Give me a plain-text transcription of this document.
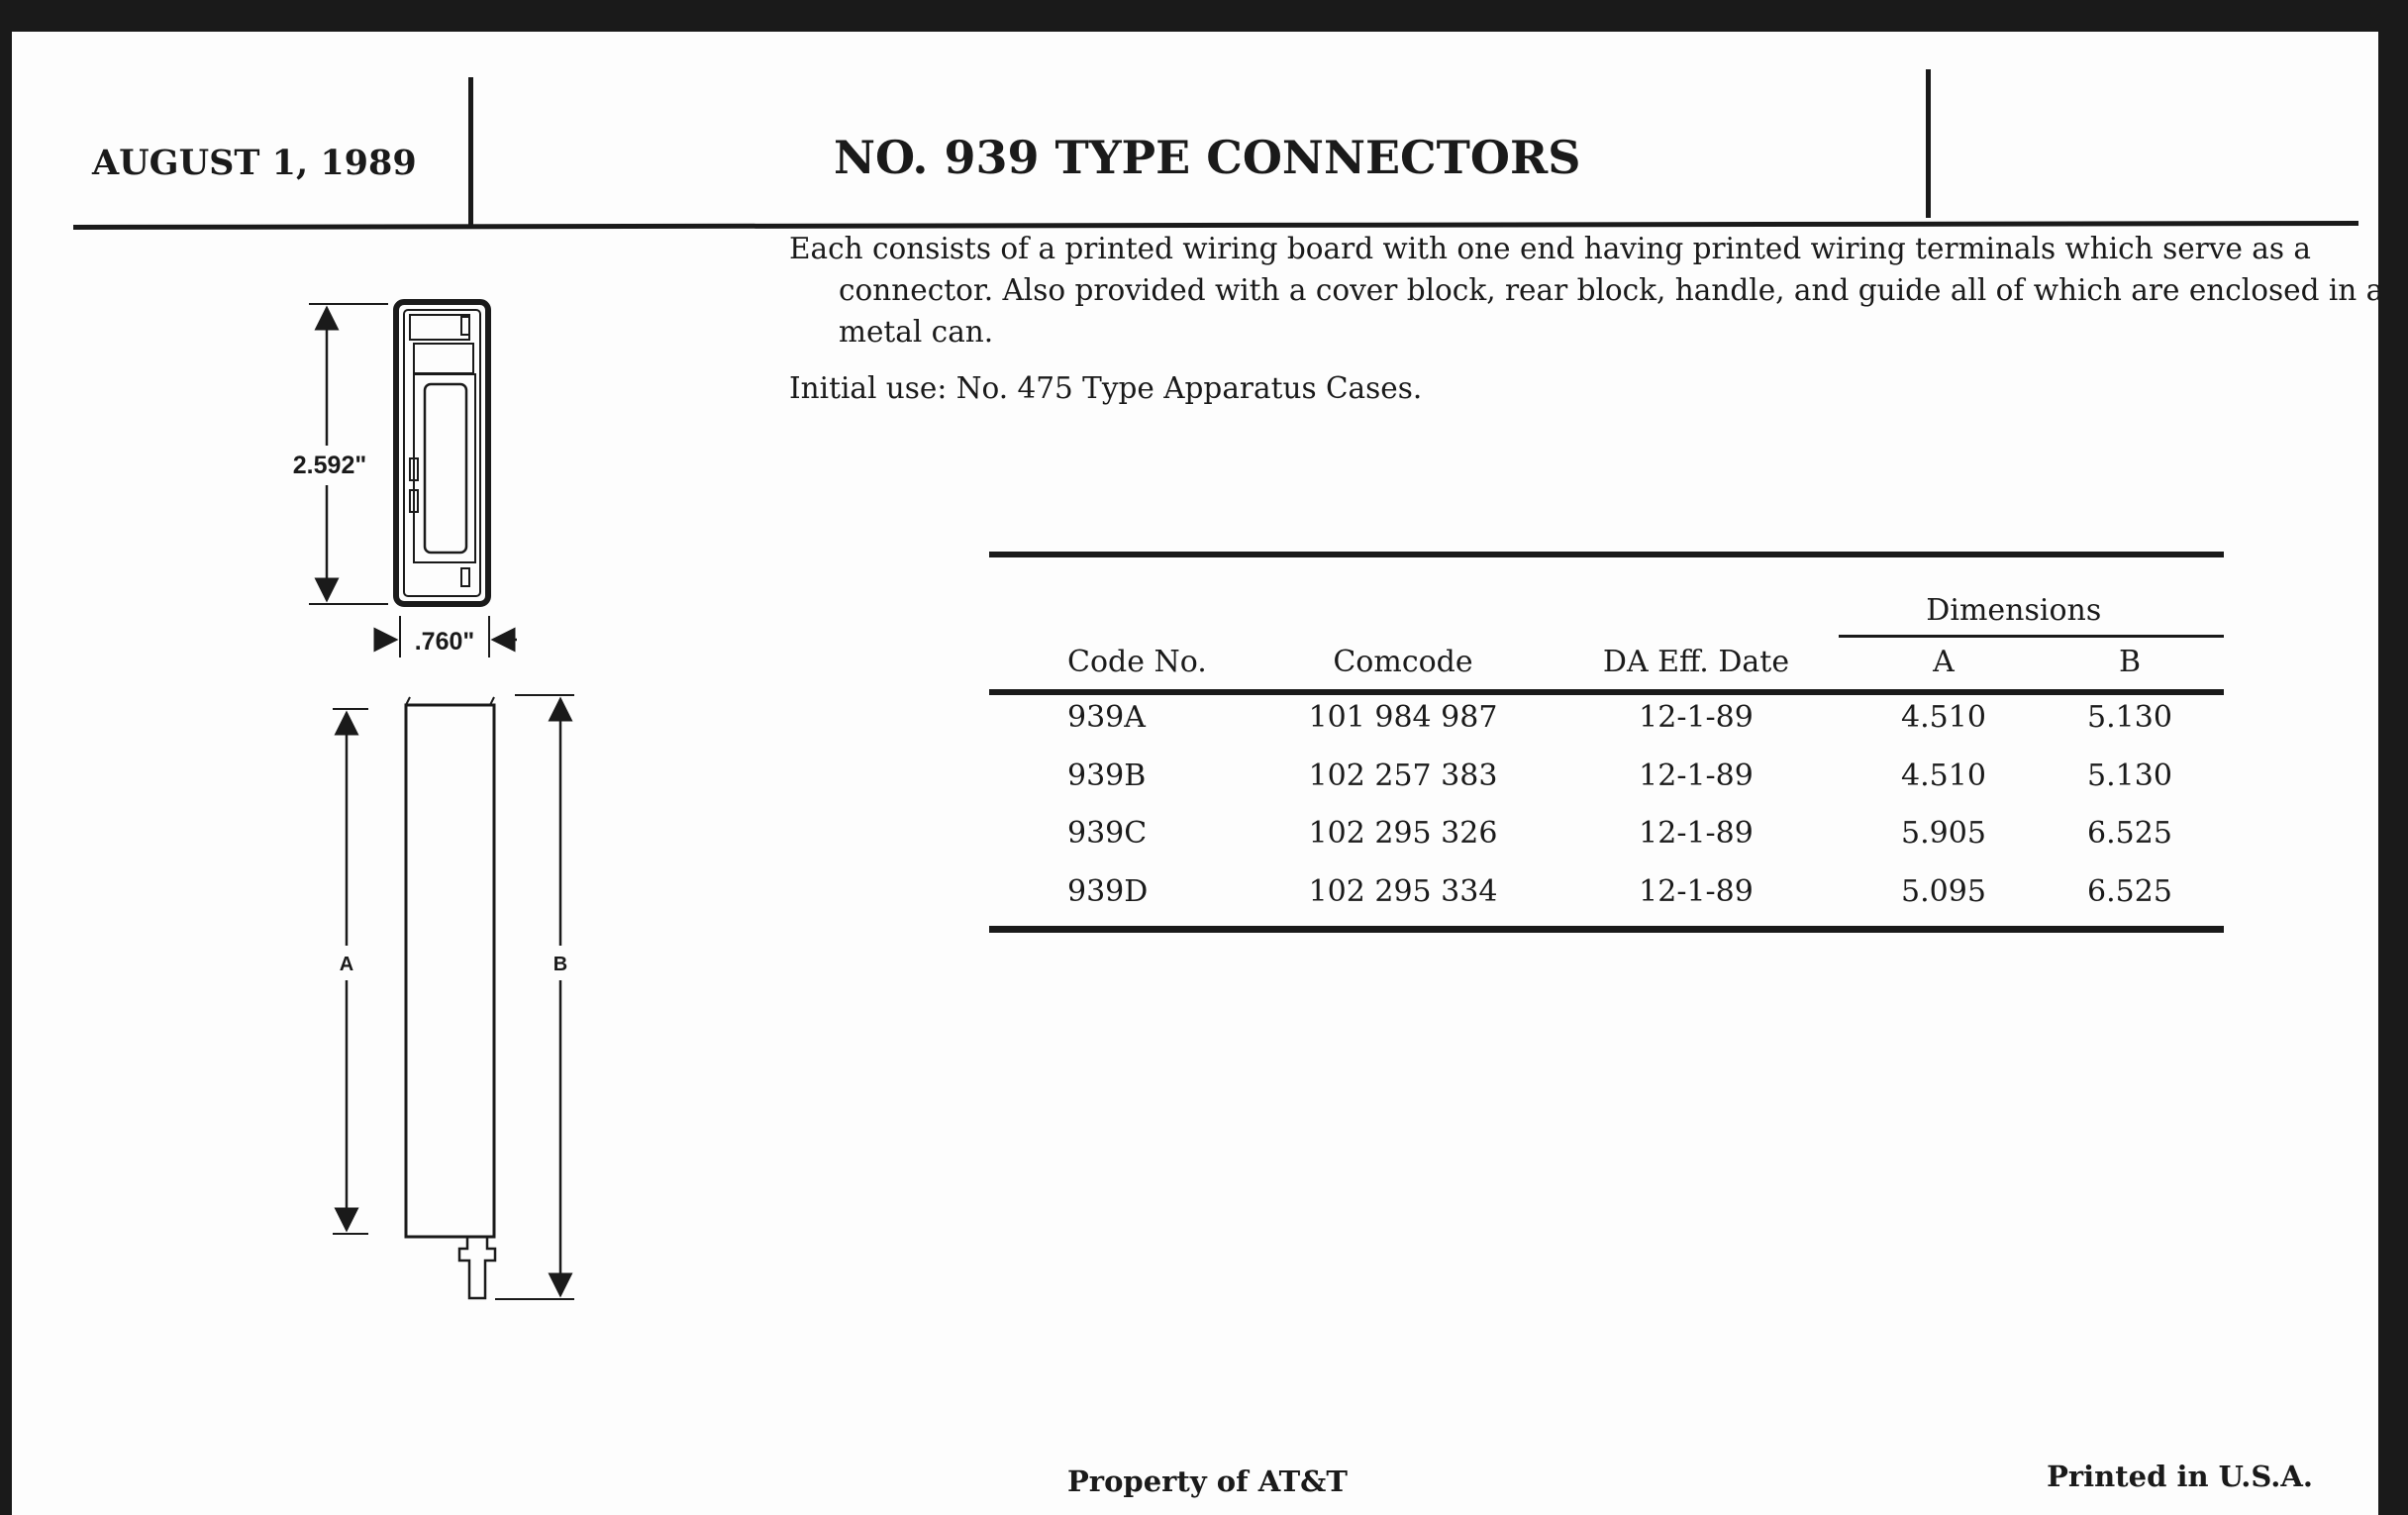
AUGUST 1, 1989	NO. 939 TYPE CONNECTORS
Each consists of a printed wiring board with one end having printed wiring terminals which serve as a connector. Also provided with a cover block, rear block, handle, and guide all of which are enclosed in a metal can.
Initial use: No. 475 Type Apparatus Cases.
2.592"
.760"
A	B
Dimensions
Code No.	Comcode	DA Eff. Date	A	B
939A	101 984 987	12-1-89	4.510	5.130
939B	102 257 383	12-1-89	4.510	5.130
939C	102 295 326	12-1-89	5.905	6.525
939D	102 295 334	12-1-89	5.095	6.525
Property of AT&T	Printed in U.S.A.
